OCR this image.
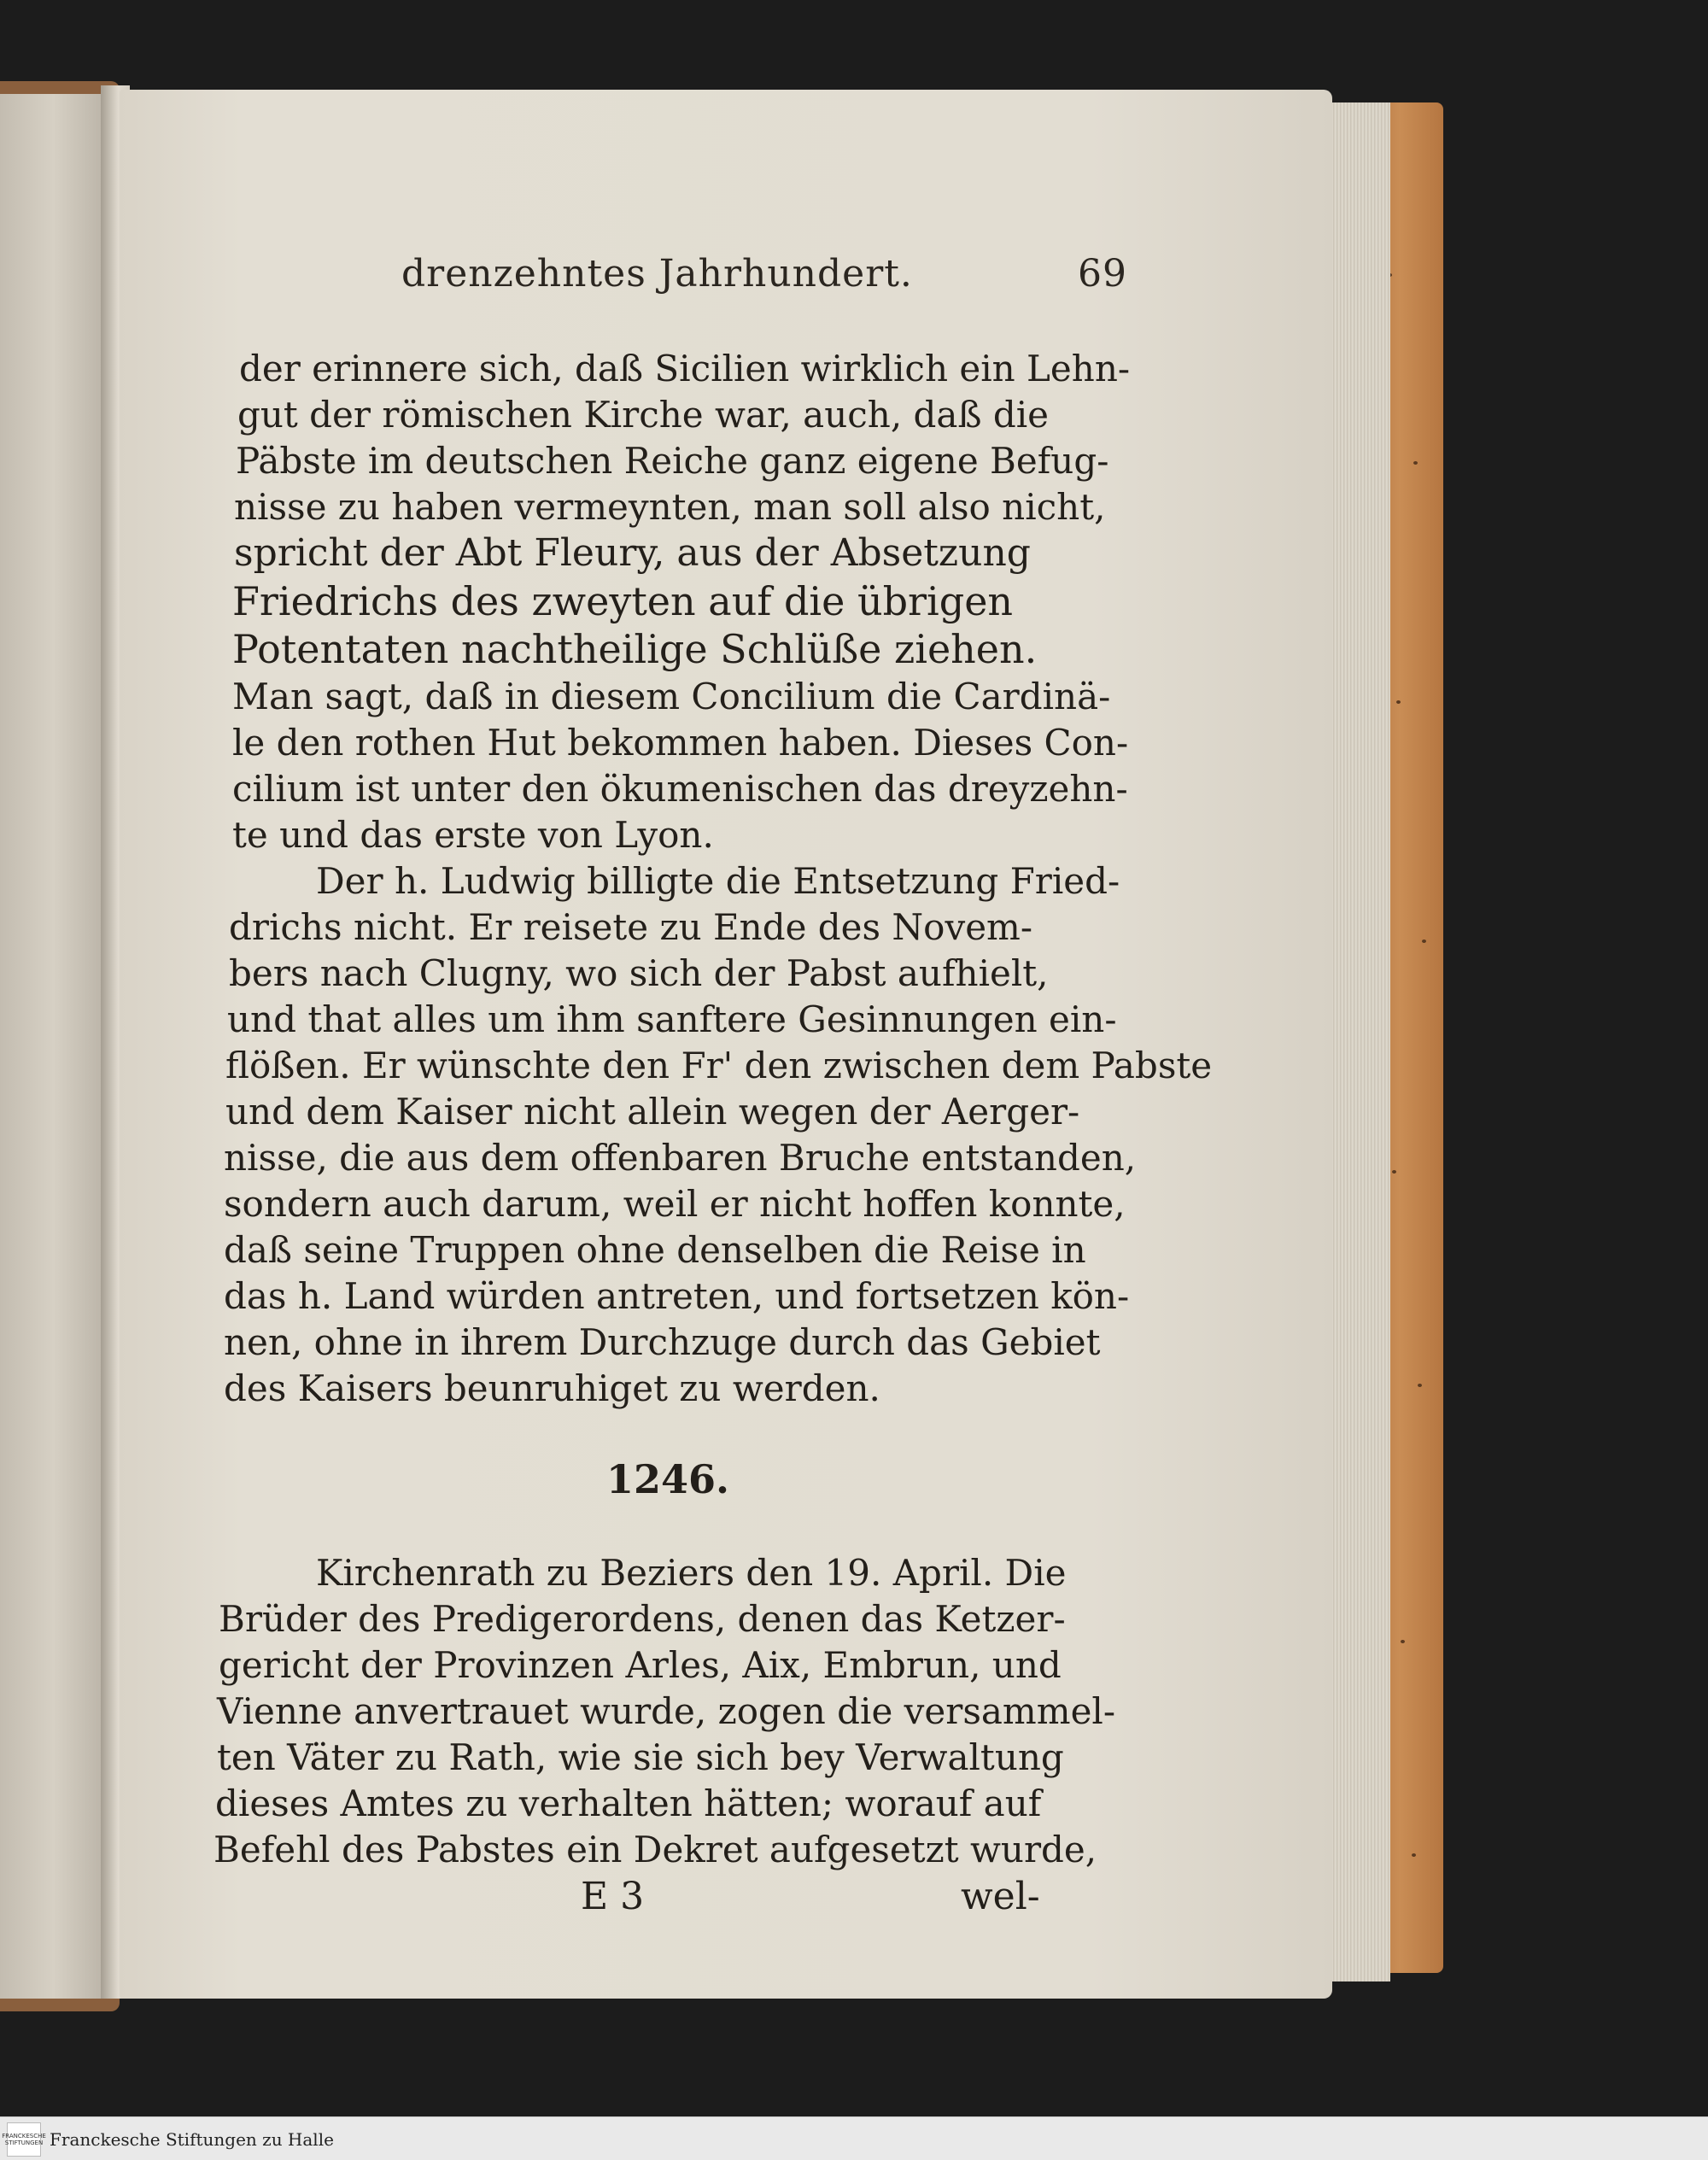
drenzehntes Jahrhundert.	69
der erinnere sich, daß Sicilien wirklich ein Lehn-
gut der römischen Kirche war, auch, daß die
Päbste im deutschen Reiche ganz eigene Befug-
nisse zu haben vermeynten, man soll also nicht,
spricht der Abt Fleury, aus der Absetzung
Friedrichs des zweyten auf die übrigen
Potentaten nachtheilige Schlüße ziehen.
Man sagt, daß in diesem Concilium die Cardinä-
le den rothen Hut bekommen haben. Dieses Con-
cilium ist unter den ökumenischen das dreyzehn-
te und das erste von Lyon.
Der h. Ludwig billigte die Entsetzung Fried-
drichs nicht. Er reisete zu Ende des Novem-
bers nach Clugny, wo sich der Pabst aufhielt,
und that alles um ihm sanftere Gesinnungen ein-
flößen. Er wünschte den Fr' den zwischen dem Pabste
und dem Kaiser nicht allein wegen der Aerger-
nisse, die aus dem offenbaren Bruche entstanden,
sondern auch darum, weil er nicht hoffen konnte,
daß seine Truppen ohne denselben die Reise in
das h. Land würden antreten, und fortsetzen kön-
nen, ohne in ihrem Durchzuge durch das Gebiet
des Kaisers beunruhiget zu werden.
1246.
Kirchenrath zu Beziers den 19. April. Die
Brüder des Predigerordens, denen das Ketzer-
gericht der Provinzen Arles, Aix, Embrun, und
Vienne anvertrauet wurde, zogen die versammel-
ten Väter zu Rath, wie sie sich bey Verwaltung
dieses Amtes zu verhalten hätten; worauf auf
Befehl des Pabstes ein Dekret aufgesetzt wurde,
E 3	wel-
FRANCKESCHE STIFTUNGEN Franckesche Stiftungen zu Halle
